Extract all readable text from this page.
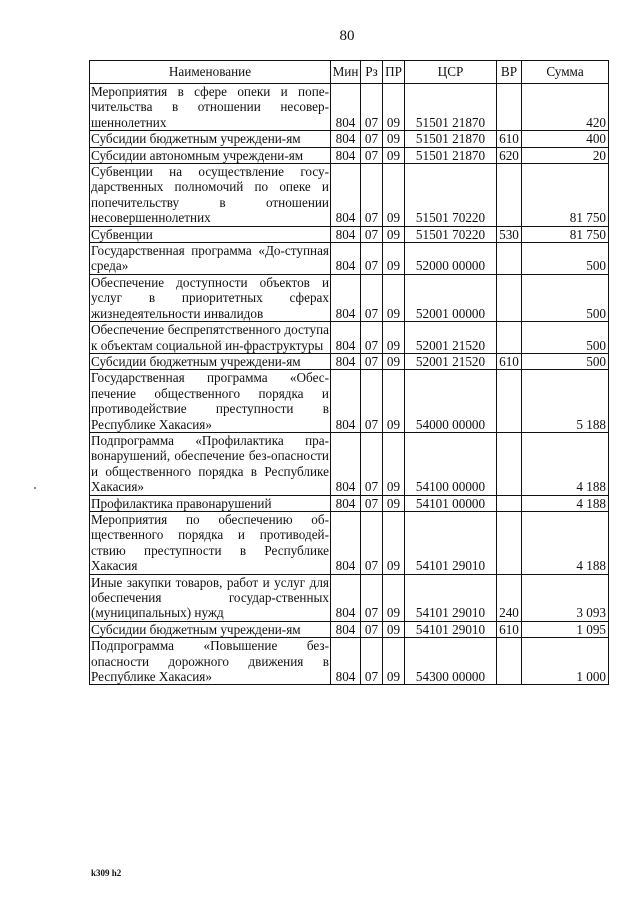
80
Наименование	Мин	Рз	ПР	ЦСР	ВР	Сумма
Мероприятия в сфере опеки и попе-чительства в отношении несовер-шеннолетних	804	07	09	51501 21870		420
Субсидии бюджетным учреждени-ям	804	07	09	51501 21870	610	400
Субсидии автономным учреждени-ям	804	07	09	51501 21870	620	20
Субвенции на осуществление госу-дарственных полномочий по опеке и попечительству в отношении несовершеннолетних	804	07	09	51501 70220		81 750
Субвенции	804	07	09	51501 70220	530	81 750
Государственная программа «До-ступная среда»	804	07	09	52000 00000		500
Обеспечение доступности объектов и услуг в приоритетных сферах жизнедеятельности инвалидов	804	07	09	52001 00000		500
Обеспечение беспрепятственного доступа к объектам социальной ин-фраструктуры	804	07	09	52001 21520		500
Субсидии бюджетным учреждени-ям	804	07	09	52001 21520	610	500
Государственная программа «Обес-печение общественного порядка и противодействие преступности в Республике Хакасия»	804	07	09	54000 00000		5 188
Подпрограмма «Профилактика пра-вонарушений, обеспечение без-опасности и общественного порядка в Республике Хакасия»	804	07	09	54100 00000		4 188
Профилактика правонарушений	804	07	09	54101 00000		4 188
Мероприятия по обеспечению об-щественного порядка и противодей-ствию преступности в Республике Хакасия	804	07	09	54101 29010		4 188
Иные закупки товаров, работ и услуг для обеспечения государ-ственных (муниципальных) нужд	804	07	09	54101 29010	240	3 093
Субсидии бюджетным учреждени-ям	804	07	09	54101 29010	610	1 095
Подпрограмма «Повышение без-опасности дорожного движения в Республике Хакасия»	804	07	09	54300 00000		1 000
k309 h2
